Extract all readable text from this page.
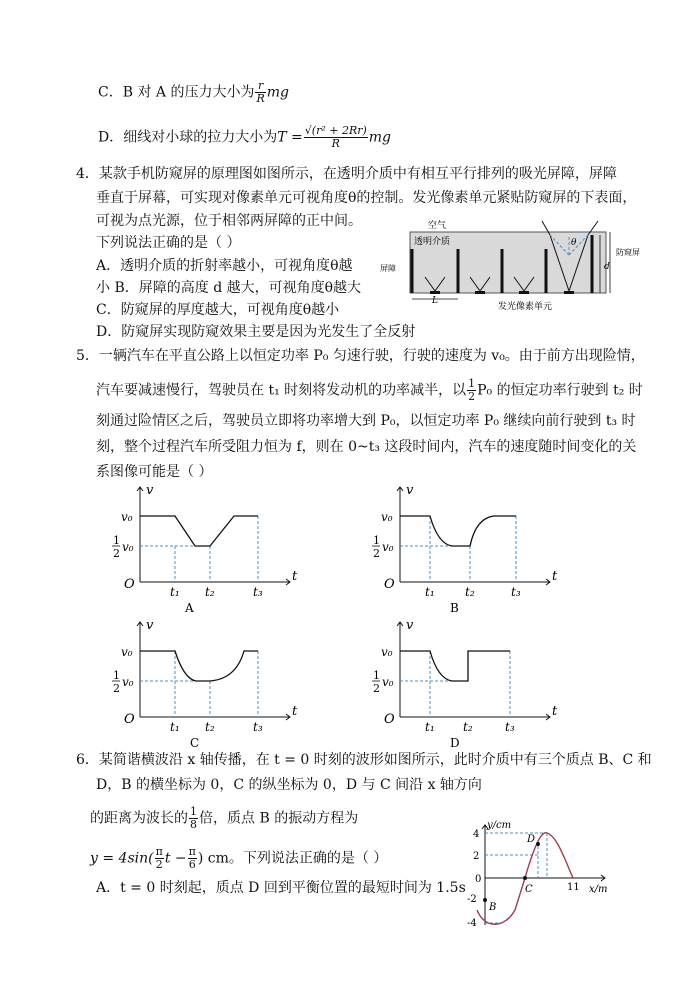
C．B 对 A 的压力大小为 $\frac{r}{R}$ mg
D．细线对小球的拉力大小为$T = \frac{\text{√(r² + 2Rr)}}{R}$ mg
4．某款手机防窥屏的原理图如图所示，在透明介质中有相互平行排列的吸光屏障，屏障
垂直于屏幕，可实现对像素单元可视角度θ的控制。发光像素单元紧贴防窥屏的下表面，
可视为点光源，位于相邻两屏障的正中间。
下列说法正确的是（ ）
A．透明介质的折射率越小，可视角度θ越
小 B．屏障的高度 d 越大，可视角度θ越大
C．防窥屏的厚度越大，可视角度θ越小
D．防窥屏实现防窥效果主要是因为光发生了全反射
空气
透明介质	θ
d
防窥屏
屏障
L
发光像素单元
5．一辆汽车在平直公路上以恒定功率 P₀ 匀速行驶，行驶的速度为 v₀。由于前方出现险情，
汽车要减速慢行，驾驶员在 t₁ 时刻将发动机的功率减半，以 $\frac{1}{2} P_0$ 的恒定功率行驶到 t₂ 时
刻通过险情区之后，驾驶员立即将功率增大到 P₀，以恒定功率 P₀ 继续向前行驶到 t₃ 时
刻，整个过程汽车所受阻力恒为 f，则在 0~t₃ 这段时间内，汽车的速度随时间变化的关
系图像可能是（ ）
v
t
O
v₀
1
2 v₀
t₁ t₂	t₃
A
v
t
O
v₀
1
2 v₀
t₁	t₂	t₃
B
v
t
O
v₀
1
2 v₀
t₁ t₂	t₃
C
v
t
O
v₀
1
2 v₀
t₁ t₂	t₃
D
6．某简谐横波沿 x 轴传播，在 t = 0 时刻的波形如图所示，此时介质中有三个质点 B、C 和
D，B 的横坐标为 0，C 的纵坐标为 0，D 与 C 间沿 x 轴方向
的距离为波长的 $\frac{1}{8}$ 倍，质点 B 的振动方程为
$y = 4\sin( \frac{\pi}{2}$ $t - \frac{\pi}{6}$ ) cm。下列说法正确的是（ ）
A．t = 0 时刻起，质点 D 回到平衡位置的最短时间为 1.5s
y/cm
x/m
4
2
0
-2
-4
11
B
C
D
